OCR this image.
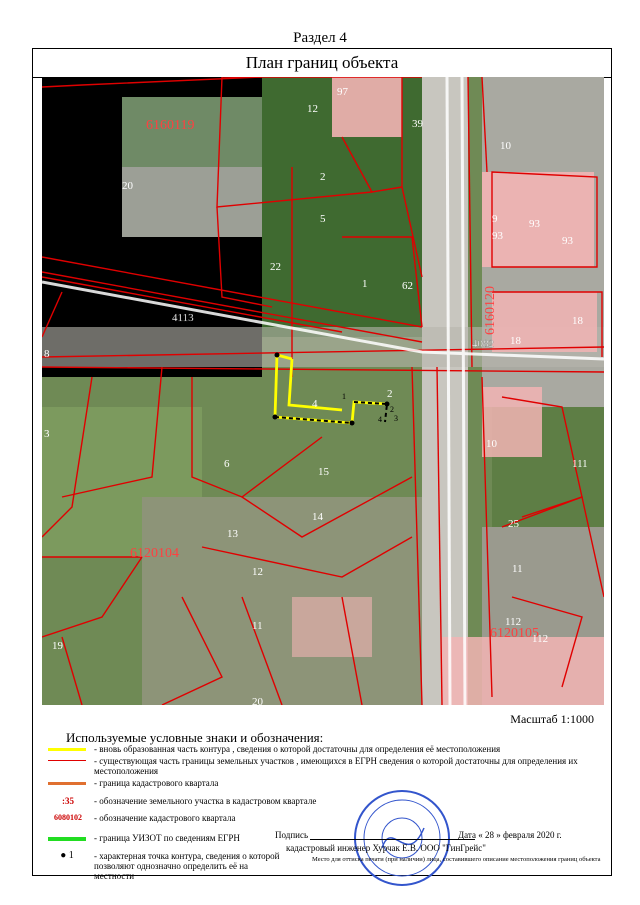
Раздел 4
План границ объекта
1
2
3
4
6160119
6120104
6120105
6160120
4113
4082
12
97
39
10
20
2
5	9
93
93
93
22
1	62
18
18
8
4
2
3
6
15
14
13
12
10
111
25
11
19
11	112
112
20
Масштаб 1:1000
Используемые условные знаки и обозначения:
- вновь образованная часть контура , сведения о которой достаточны для определения её местоположения
- существующая часть границы земельных участков , имеющихся в ЕГРН сведения о которой достаточны для определения их местоположения
- граница кадастрового квартала
:35	- обозначение земельного участка в кадастровом квартале
6080102	- обозначение кадастрового квартала
- граница УИЗОТ по сведениям ЕГРН
● 1	- характерная точка контура, сведения о которой позволяют однозначно определить её на местности
Подпись	Дата « 28 » февраля 2020 г.
кадастровый инженер Хурчак Е.В. ООО "ГинГрейс"
Место для оттиска печати (при наличии) лица, составившего описание местоположения границ объекта
